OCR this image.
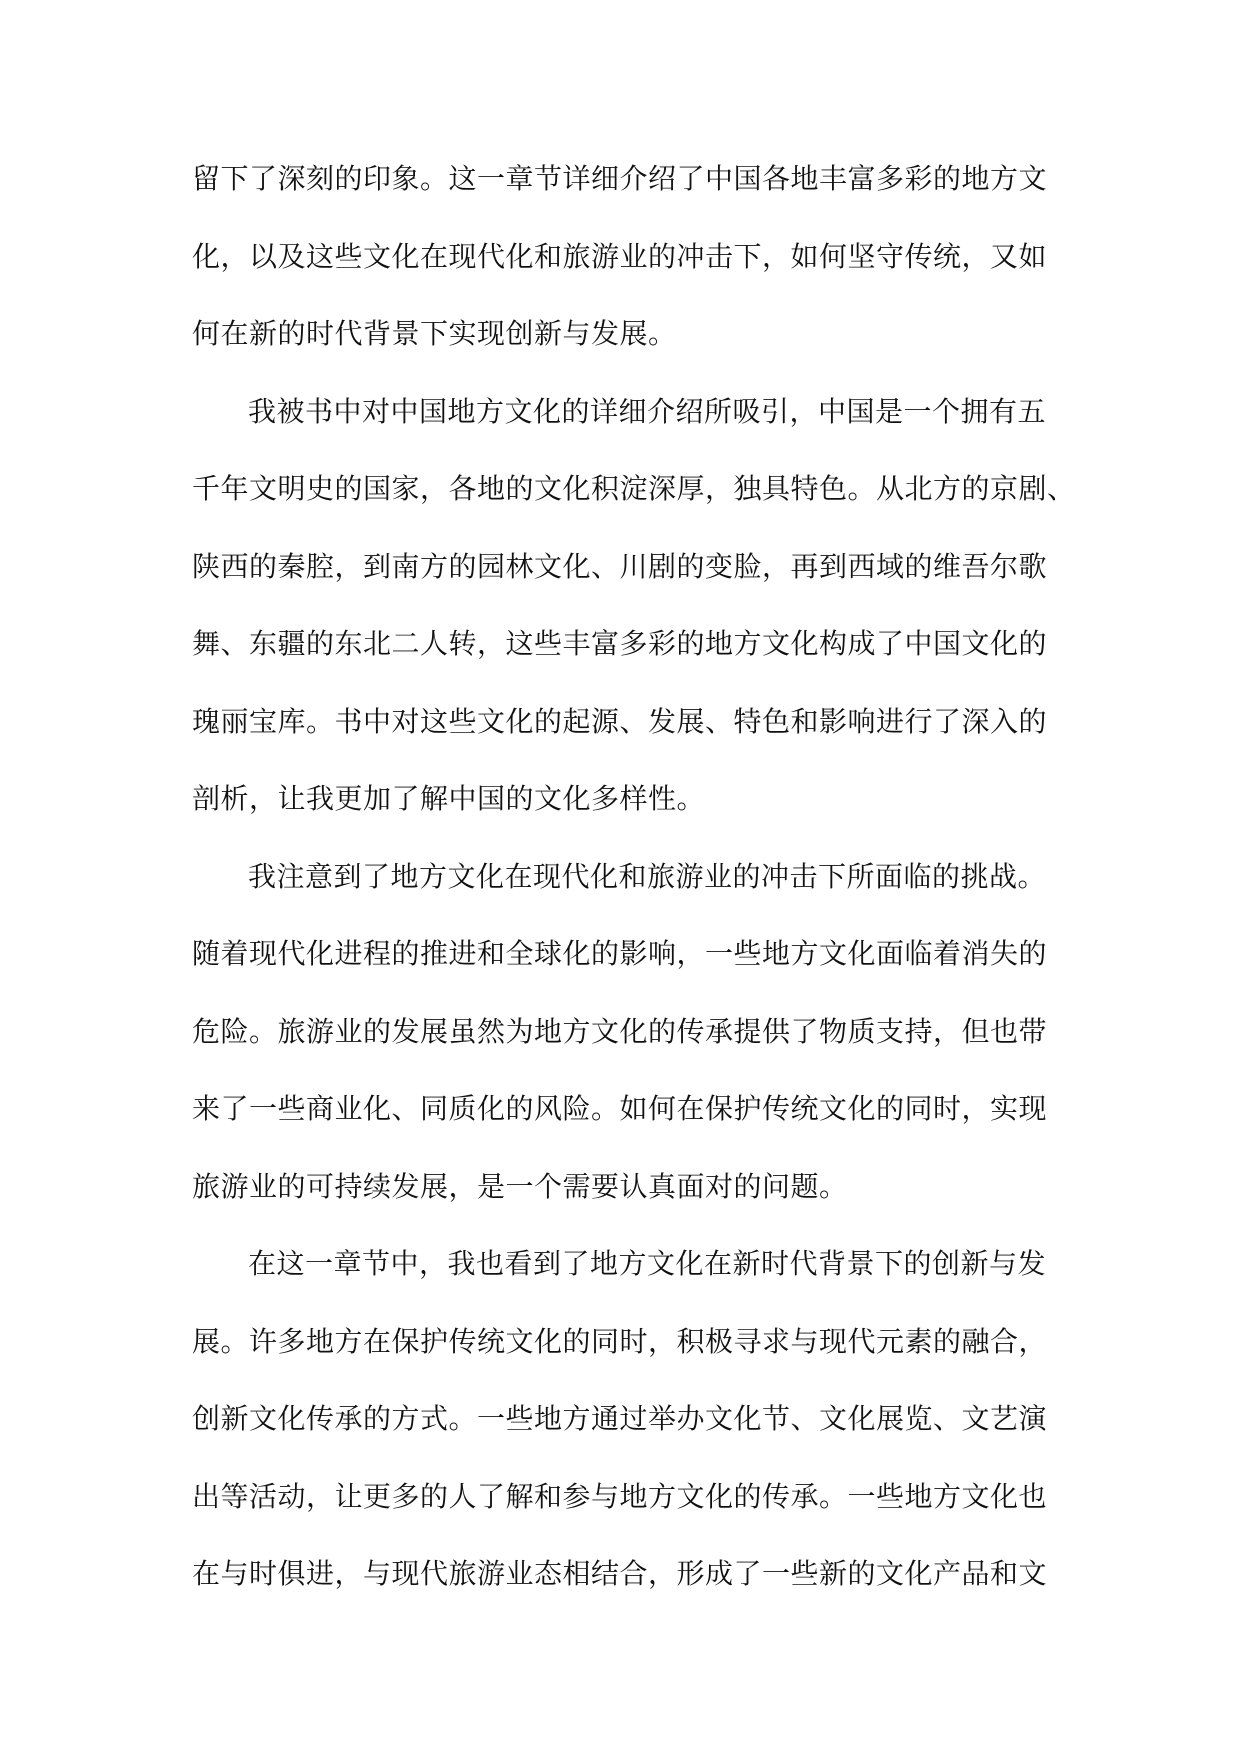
留下了深刻的印象。这一章节详细介绍了中国各地丰富多彩的地方文
化，以及这些文化在现代化和旅游业的冲击下，如何坚守传统，又如
何在新的时代背景下实现创新与发展。
我被书中对中国地方文化的详细介绍所吸引，中国是一个拥有五
千年文明史的国家，各地的文化积淀深厚，独具特色。从北方的京剧、
陕西的秦腔，到南方的园林文化、川剧的变脸，再到西域的维吾尔歌
舞、东疆的东北二人转，这些丰富多彩的地方文化构成了中国文化的
瑰丽宝库。书中对这些文化的起源、发展、特色和影响进行了深入的
剖析，让我更加了解中国的文化多样性。
我注意到了地方文化在现代化和旅游业的冲击下所面临的挑战。
随着现代化进程的推进和全球化的影响，一些地方文化面临着消失的
危险。旅游业的发展虽然为地方文化的传承提供了物质支持，但也带
来了一些商业化、同质化的风险。如何在保护传统文化的同时，实现
旅游业的可持续发展，是一个需要认真面对的问题。
在这一章节中，我也看到了地方文化在新时代背景下的创新与发
展。许多地方在保护传统文化的同时，积极寻求与现代元素的融合，
创新文化传承的方式。一些地方通过举办文化节、文化展览、文艺演
出等活动，让更多的人了解和参与地方文化的传承。一些地方文化也
在与时俱进，与现代旅游业态相结合，形成了一些新的文化产品和文
